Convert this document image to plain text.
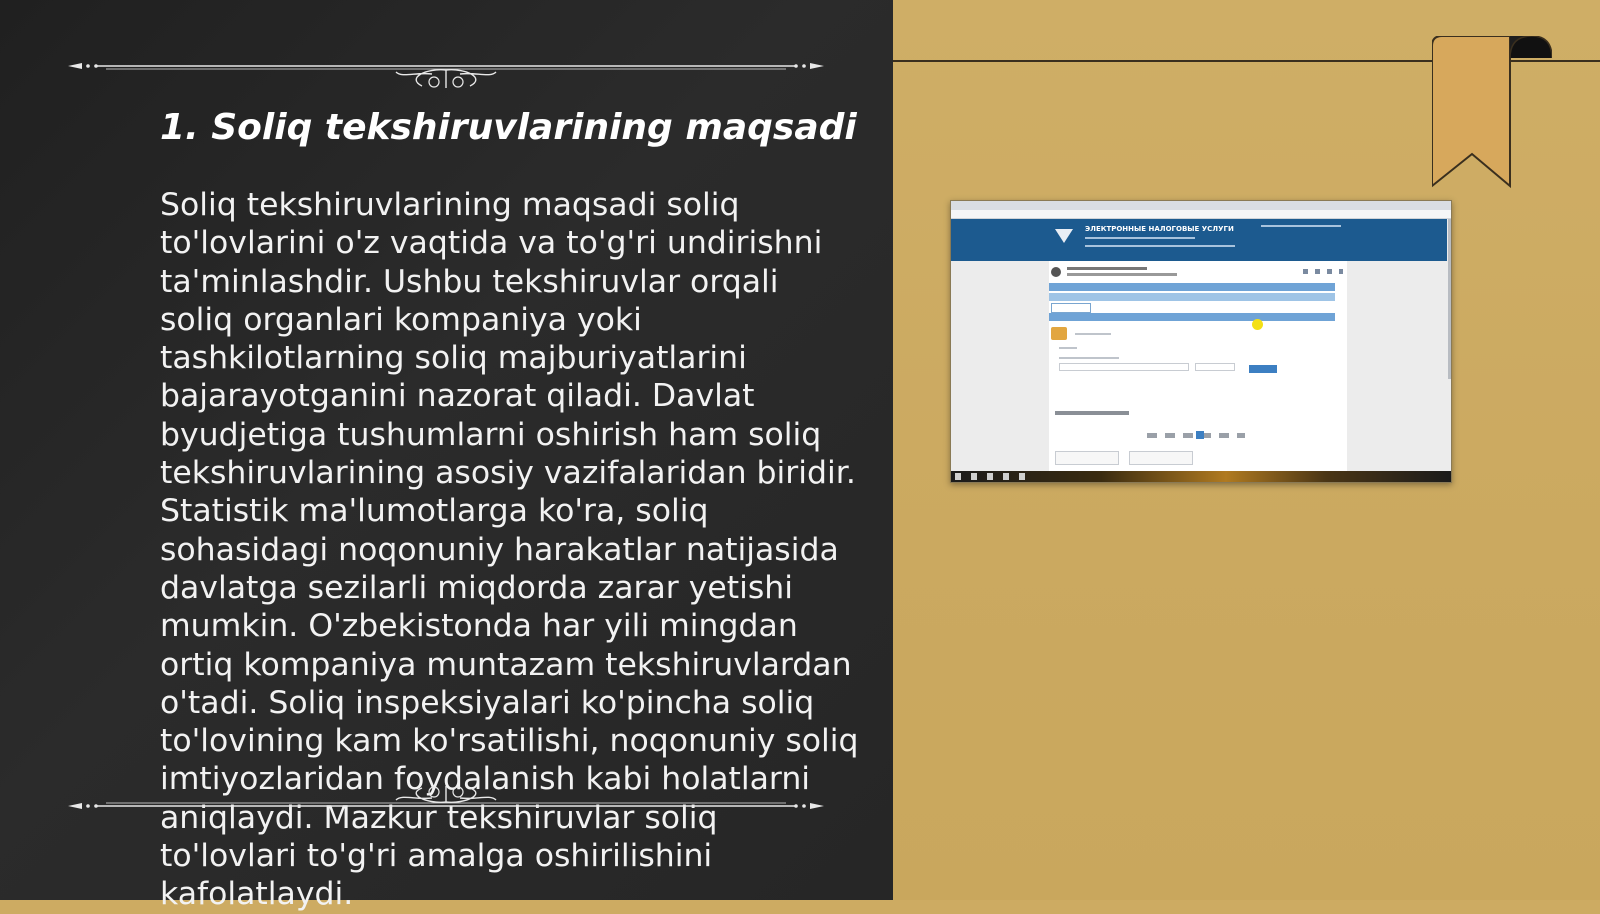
1. Soliq tekshiruvlarining maqsadi

Soliq tekshiruvlarining maqsadi soliq to'lovlarini o'z vaqtida va to'g'ri undirishni ta'minlashdir. Ushbu tekshiruvlar orqali soliq organlari kompaniya yoki tashkilotlarning soliq majburiyatlarini bajarayotganini nazorat qiladi. Davlat byudjetiga tushumlarni oshirish ham soliq tekshiruvlarining asosiy vazifalaridan biridir. Statistik ma'lumotlarga ko'ra, soliq sohasidagi noqonuniy harakatlar natijasida davlatga sezilarli miqdorda zarar yetishi mumkin. O'zbekistonda har yili mingdan ortiq kompaniya muntazam tekshiruvlardan o'tadi. Soliq inspeksiyalari ko'pincha soliq to'lovining kam ko'rsatilishi, noqonuniy soliq imtiyozlaridan foydalanish kabi holatlarni aniqlaydi. Mazkur tekshiruvlar soliq to'lovlari to'g'ri amalga oshirilishini kafolatlaydi.

ЭЛЕКТРОННЫЕ НАЛОГОВЫЕ УСЛУГИ
